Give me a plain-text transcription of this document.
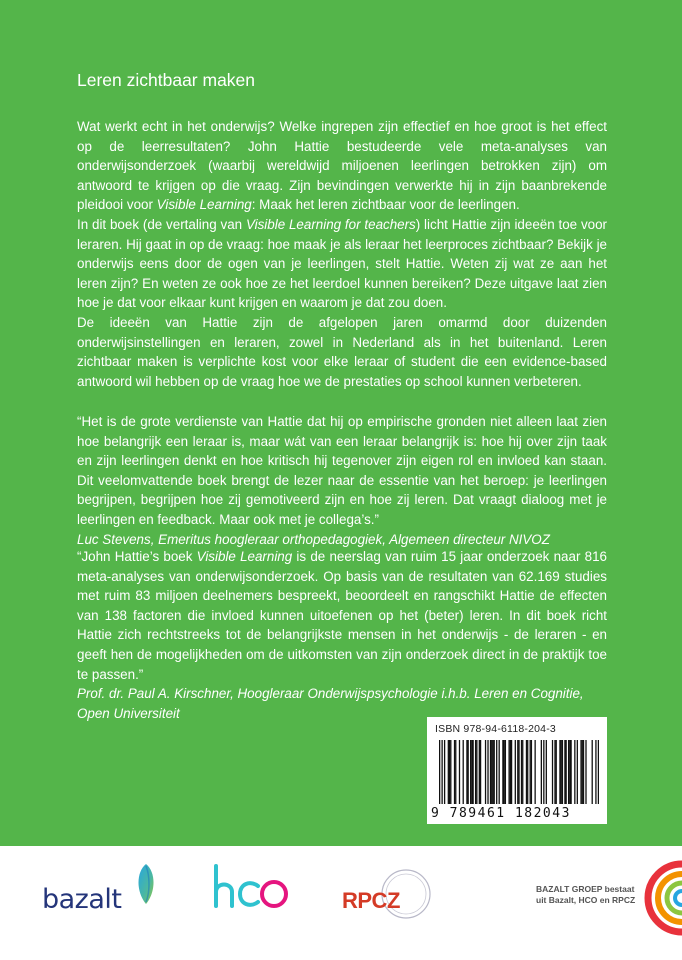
Leren zichtbaar maken

Wat werkt echt in het onderwijs? Welke ingrepen zijn effectief en hoe groot is het effect op de leerresultaten? John Hattie bestudeerde vele meta-analyses van onderwijsonderzoek (waarbij wereldwijd miljoenen leerlingen betrokken zijn) om antwoord te krijgen op die vraag. Zijn bevindingen verwerkte hij in zijn baanbrekende pleidooi voor Visible Learning: Maak het leren zichtbaar voor de leerlingen.

In dit boek (de vertaling van Visible Learning for teachers) licht Hattie zijn ideeën toe voor leraren. Hij gaat in op de vraag: hoe maak je als leraar het leerproces zichtbaar? Bekijk je onderwijs eens door de ogen van je leerlingen, stelt Hattie. Weten zij wat ze aan het leren zijn? En weten ze ook hoe ze het leerdoel kunnen bereiken? Deze uitgave laat zien hoe je dat voor elkaar kunt krijgen en waarom je dat zou doen.

De ideeën van Hattie zijn de afgelopen jaren omarmd door duizenden onderwijsinstellingen en leraren, zowel in Nederland als in het buitenland. Leren zichtbaar maken is verplichte kost voor elke leraar of student die een evidence-based antwoord wil hebben op de vraag hoe we de prestaties op school kunnen verbeteren.

“Het is de grote verdienste van Hattie dat hij op empirische gronden niet alleen laat zien hoe belangrijk een leraar is, maar wát van een leraar belangrijk is: hoe hij over zijn taak en zijn leerlingen denkt en hoe kritisch hij tegenover zijn eigen rol en invloed kan staan. Dit veelomvattende boek brengt de lezer naar de essentie van het beroep: je leerlingen begrijpen, begrijpen hoe zij gemotiveerd zijn en hoe zij leren. Dat vraagt dialoog met je leerlingen en feedback. Maar ook met je collega’s.”
Luc Stevens, Emeritus hoogleraar orthopedagogiek, Algemeen directeur NIVOZ

“John Hattie’s boek Visible Learning is de neerslag van ruim 15 jaar onderzoek naar 816 meta-analyses van onderwijsonderzoek. Op basis van de resultaten van 62.169 studies met ruim 83 miljoen deelnemers bespreekt, beoordeelt en rangschikt Hattie de effecten van 138 factoren die invloed kunnen uitoefenen op het (beter) leren. In dit boek richt Hattie zich rechtstreeks tot de belangrijkste mensen in het onderwijs - de leraren - en geeft hen de mogelijkheden om de uitkomsten van zijn onderzoek direct in de praktijk toe te passen.”
Prof. dr. Paul A. Kirschner, Hoogleraar Onderwijspsychologie i.h.b. Leren en Cognitie, Open Universiteit

ISBN 978-94-6118-204-3
9 789461 182043
bazalt	RPCZ	BAZALT GROEP bestaat
uit Bazalt, HCO en RPCZ
